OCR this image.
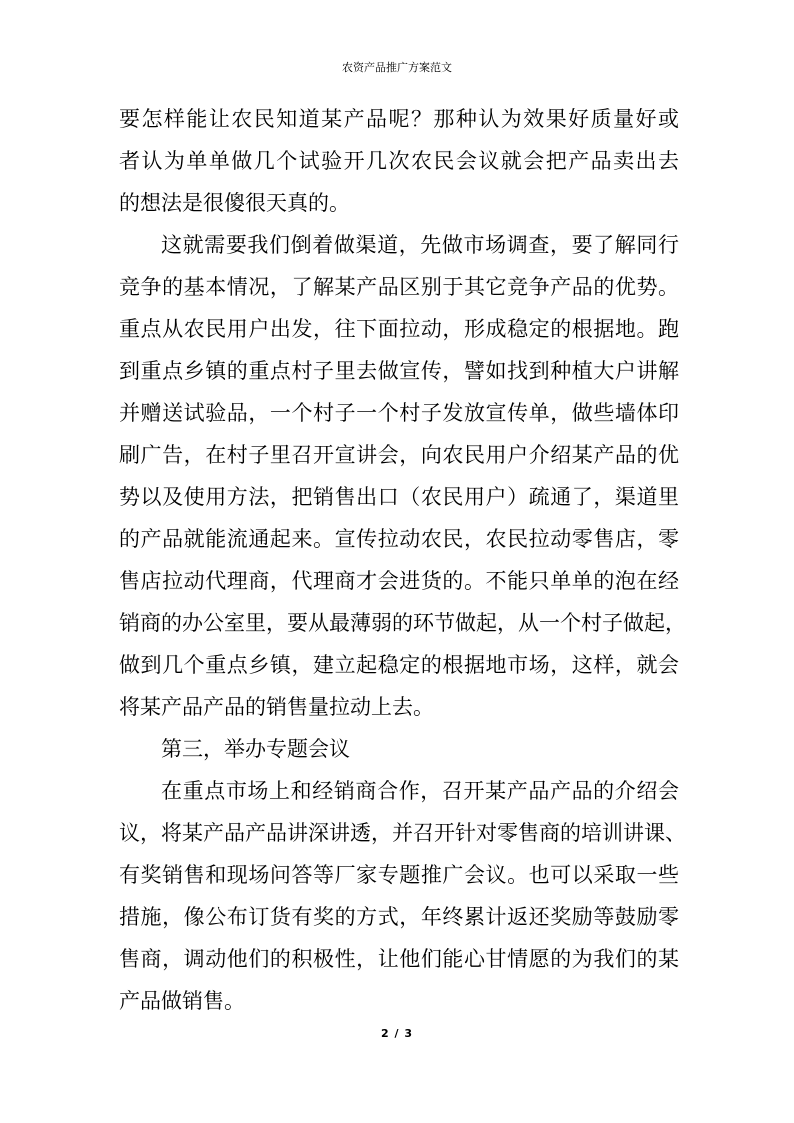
农资产品推广方案范文
要怎样能让农民知道某产品呢？那种认为效果好质量好或
者认为单单做几个试验开几次农民会议就会把产品卖出去
的想法是很傻很天真的。
这就需要我们倒着做渠道，先做市场调查，要了解同行
竞争的基本情况，了解某产品区别于其它竞争产品的优势。
重点从农民用户出发，往下面拉动，形成稳定的根据地。跑
到重点乡镇的重点村子里去做宣传，譬如找到种植大户讲解
并赠送试验品，一个村子一个村子发放宣传单，做些墙体印
刷广告，在村子里召开宣讲会，向农民用户介绍某产品的优
势以及使用方法，把销售出口（农民用户）疏通了，渠道里
的产品就能流通起来。宣传拉动农民，农民拉动零售店，零
售店拉动代理商，代理商才会进货的。不能只单单的泡在经
销商的办公室里，要从最薄弱的环节做起，从一个村子做起，
做到几个重点乡镇，建立起稳定的根据地市场，这样，就会
将某产品产品的销售量拉动上去。
第三，举办专题会议
在重点市场上和经销商合作，召开某产品产品的介绍会
议，将某产品产品讲深讲透，并召开针对零售商的培训讲课、
有奖销售和现场问答等厂家专题推广会议。也可以采取一些
措施，像公布订货有奖的方式，年终累计返还奖励等鼓励零
售商，调动他们的积极性，让他们能心甘情愿的为我们的某
产品做销售。
2 / 3
